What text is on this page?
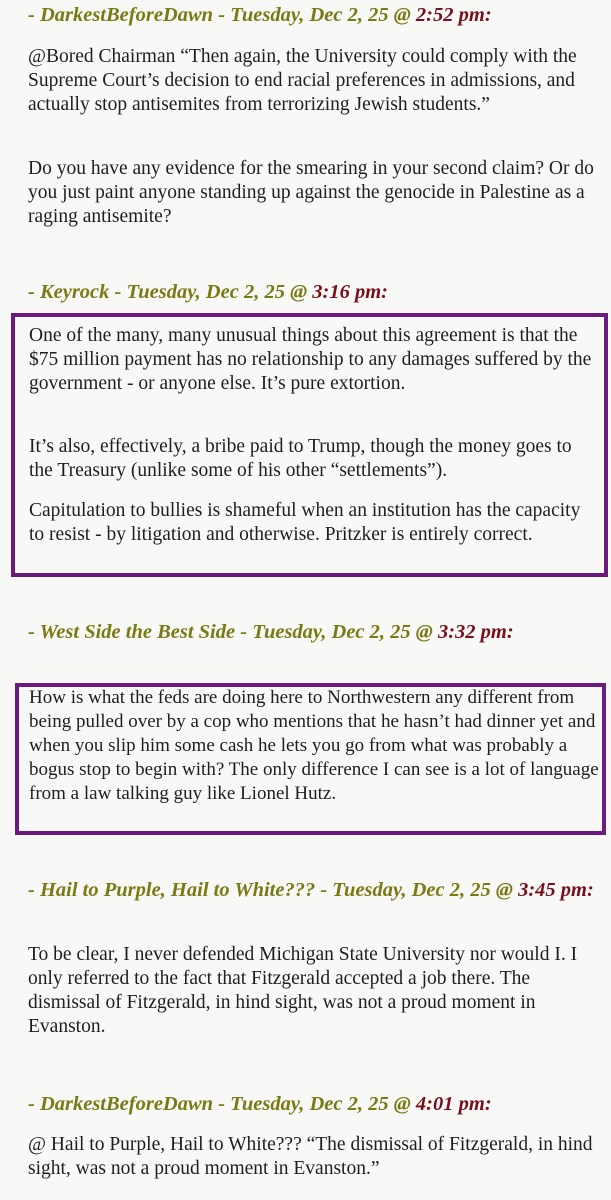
- DarkestBeforeDawn - Tuesday, Dec 2, 25 @ 2:52 pm:

@Bored Chairman “Then again, the University could comply with the Supreme Court’s decision to end racial preferences in admissions, and actually stop antisemites from terrorizing Jewish students.”

Do you have any evidence for the smearing in your second claim? Or do you just paint anyone standing up against the genocide in Palestine as a raging antisemite?

- Keyrock - Tuesday, Dec 2, 25 @ 3:16 pm:

One of the many, many unusual things about this agreement is that the $75 million payment has no relationship to any damages suffered by the government - or anyone else. It’s pure extortion.

It’s also, effectively, a bribe paid to Trump, though the money goes to the Treasury (unlike some of his other “settlements”).

Capitulation to bullies is shameful when an institution has the capacity to resist - by litigation and otherwise. Pritzker is entirely correct.

- West Side the Best Side - Tuesday, Dec 2, 25 @ 3:32 pm:

How is what the feds are doing here to Northwestern any different from being pulled over by a cop who mentions that he hasn’t had dinner yet and when you slip him some cash he lets you go from what was probably a bogus stop to begin with? The only difference I can see is a lot of language from a law talking guy like Lionel Hutz.

- Hail to Purple, Hail to White??? - Tuesday, Dec 2, 25 @ 3:45 pm:

To be clear, I never defended Michigan State University nor would I. I only referred to the fact that Fitzgerald accepted a job there. The dismissal of Fitzgerald, in hind sight, was not a proud moment in Evanston.

- DarkestBeforeDawn - Tuesday, Dec 2, 25 @ 4:01 pm:

@ Hail to Purple, Hail to White??? “The dismissal of Fitzgerald, in hind sight, was not a proud moment in Evanston.”
